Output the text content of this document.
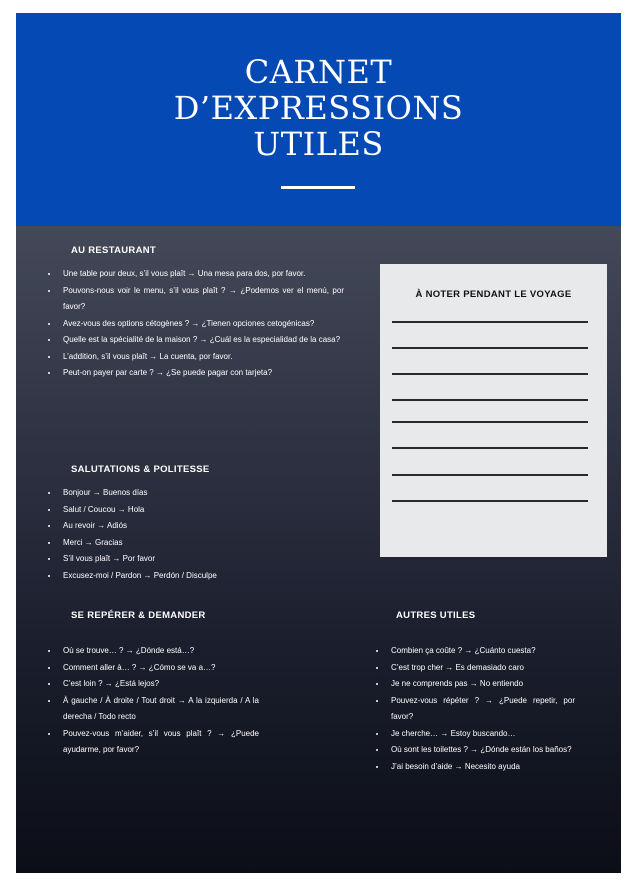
CARNET
D’EXPRESSIONS
UTILES
AU RESTAURANT
• Une table pour deux, s’il vous plaît → Una mesa para dos, por favor.
• Pouvons-nous voir le menu, s’il vous plaît ? → ¿Podemos ver el menú, por favor?
• Avez-vous des options cétogènes ? → ¿Tienen opciones cetogénicas?
• Quelle est la spécialité de la maison ? → ¿Cuál es la especialidad de la casa?
• L’addition, s’il vous plaît → La cuenta, por favor.
• Peut-on payer par carte ? → ¿Se puede pagar con tarjeta?
SALUTATIONS & POLITESSE
• Bonjour → Buenos días
• Salut / Coucou → Hola
• Au revoir → Adiós
• Merci → Gracias
• S’il vous plaît → Por favor
• Excusez-moi / Pardon → Perdón / Disculpe
SE REPÉRER & DEMANDER
• Où se trouve… ? → ¿Dónde está…?
• Comment aller à… ? → ¿Cómo se va a…?
• C’est loin ? → ¿Está lejos?
• À gauche / À droite / Tout droit → A la izquierda / A la derecha / Todo recto
• Pouvez-vous m’aider, s’il vous plaît ? → ¿Puede ayudarme, por favor?
AUTRES UTILES
• Combien ça coûte ? → ¿Cuánto cuesta?
• C’est trop cher → Es demasiado caro
• Je ne comprends pas → No entiendo
• Pouvez-vous répéter ? → ¿Puede repetir, por favor?
• Je cherche… → Estoy buscando…
• Où sont les toilettes ? → ¿Dónde están los baños?
• J’ai besoin d’aide → Necesito ayuda
À NOTER PENDANT LE VOYAGE
